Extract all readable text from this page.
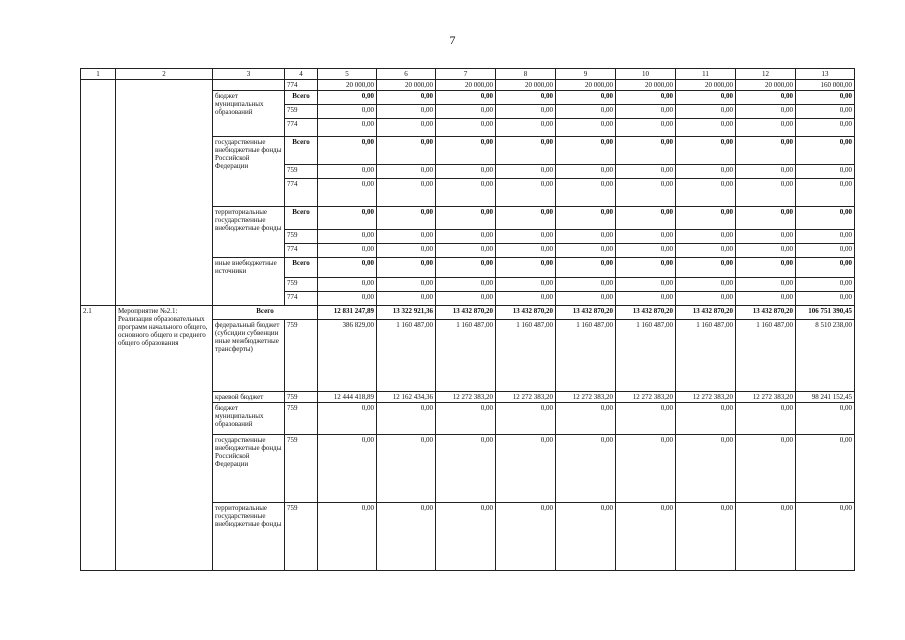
7
1	2	3	4	5	6	7	8	9	10	11	12	13
			774	20 000,00	20 000,00	20 000,00	20 000,00	20 000,00	20 000,00	20 000,00	20 000,00	160 000,00
		бюджет муниципальных образований	Всего	0,00	0,00	0,00	0,00	0,00	0,00	0,00	0,00	0,00
			759	0,00	0,00	0,00	0,00	0,00	0,00	0,00	0,00	0,00
			774	0,00	0,00	0,00	0,00	0,00	0,00	0,00	0,00	0,00
		государственные внебюджетные фонды Российской Федерации	Всего	0,00	0,00	0,00	0,00	0,00	0,00	0,00	0,00	0,00
			759	0,00	0,00	0,00	0,00	0,00	0,00	0,00	0,00	0,00
			774	0,00	0,00	0,00	0,00	0,00	0,00	0,00	0,00	0,00
		территориальные государственные внебюджетные фонды	Всего	0,00	0,00	0,00	0,00	0,00	0,00	0,00	0,00	0,00
			759	0,00	0,00	0,00	0,00	0,00	0,00	0,00	0,00	0,00
			774	0,00	0,00	0,00	0,00	0,00	0,00	0,00	0,00	0,00
		иные внебюджетные источники	Всего	0,00	0,00	0,00	0,00	0,00	0,00	0,00	0,00	0,00
			759	0,00	0,00	0,00	0,00	0,00	0,00	0,00	0,00	0,00
			774	0,00	0,00	0,00	0,00	0,00	0,00	0,00	0,00	0,00
2.1	Мероприятие №2.1: Реализация образовательных программ начального общего, основного общего и среднего общего образования	Всего		12 831 247,89	13 322 921,36	13 432 870,20	13 432 870,20	13 432 870,20	13 432 870,20	13 432 870,20	13 432 870,20	106 751 390,45
		федеральный бюджет (субсидии субвенции иные межбюджетные трансферты)	759	386 829,00	1 160 487,00	1 160 487,00	1 160 487,00	1 160 487,00	1 160 487,00	1 160 487,00	1 160 487,00	8 510 238,00
		краевой бюджет	759	12 444 418,89	12 162 434,36	12 272 383,20	12 272 383,20	12 272 383,20	12 272 383,20	12 272 383,20	12 272 383,20	98 241 152,45
		бюджет муниципальных образований	759	0,00	0,00	0,00	0,00	0,00	0,00	0,00	0,00	0,00
		государственные внебюджетные фонды Российской Федерации	759	0,00	0,00	0,00	0,00	0,00	0,00	0,00	0,00	0,00
		территориальные государственные внебюджетные фонды	759	0,00	0,00	0,00	0,00	0,00	0,00	0,00	0,00	0,00
